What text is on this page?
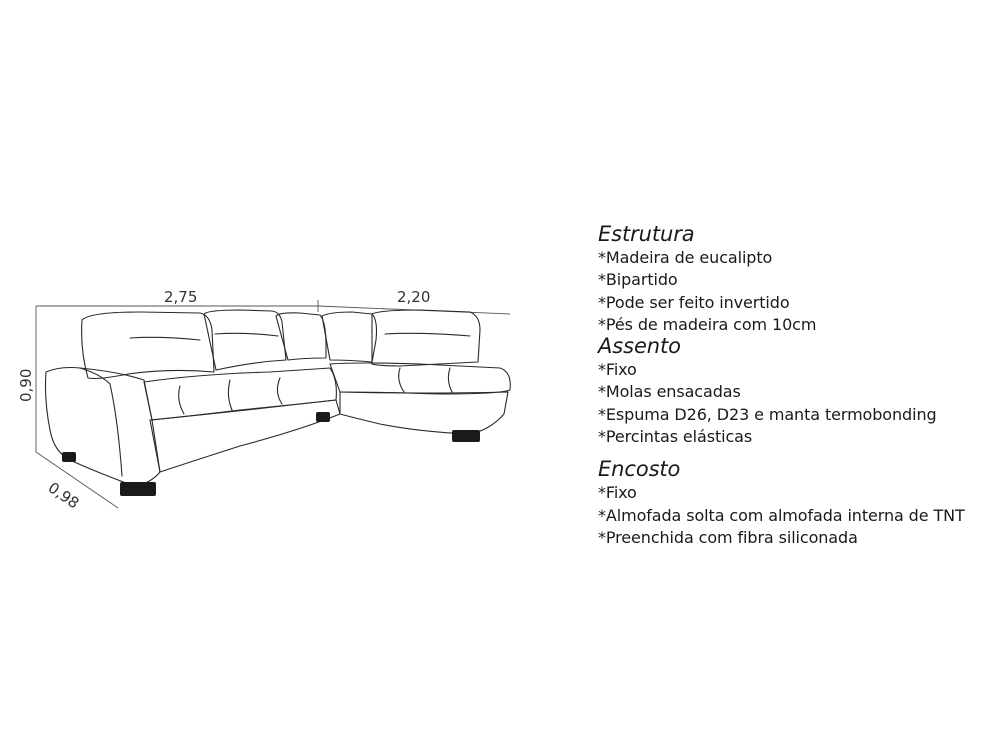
2,75	2,20
0,90
0,98
Estrutura
*Madeira de eucalipto
*Bipartido
*Pode ser feito invertido
*Pés de madeira com 10cm
Assento
*Fixo
*Molas ensacadas
*Espuma D26, D23 e manta termobonding
*Percintas elásticas
Encosto
*Fixo
*Almofada solta com almofada interna de TNT
*Preenchida com fibra siliconada
